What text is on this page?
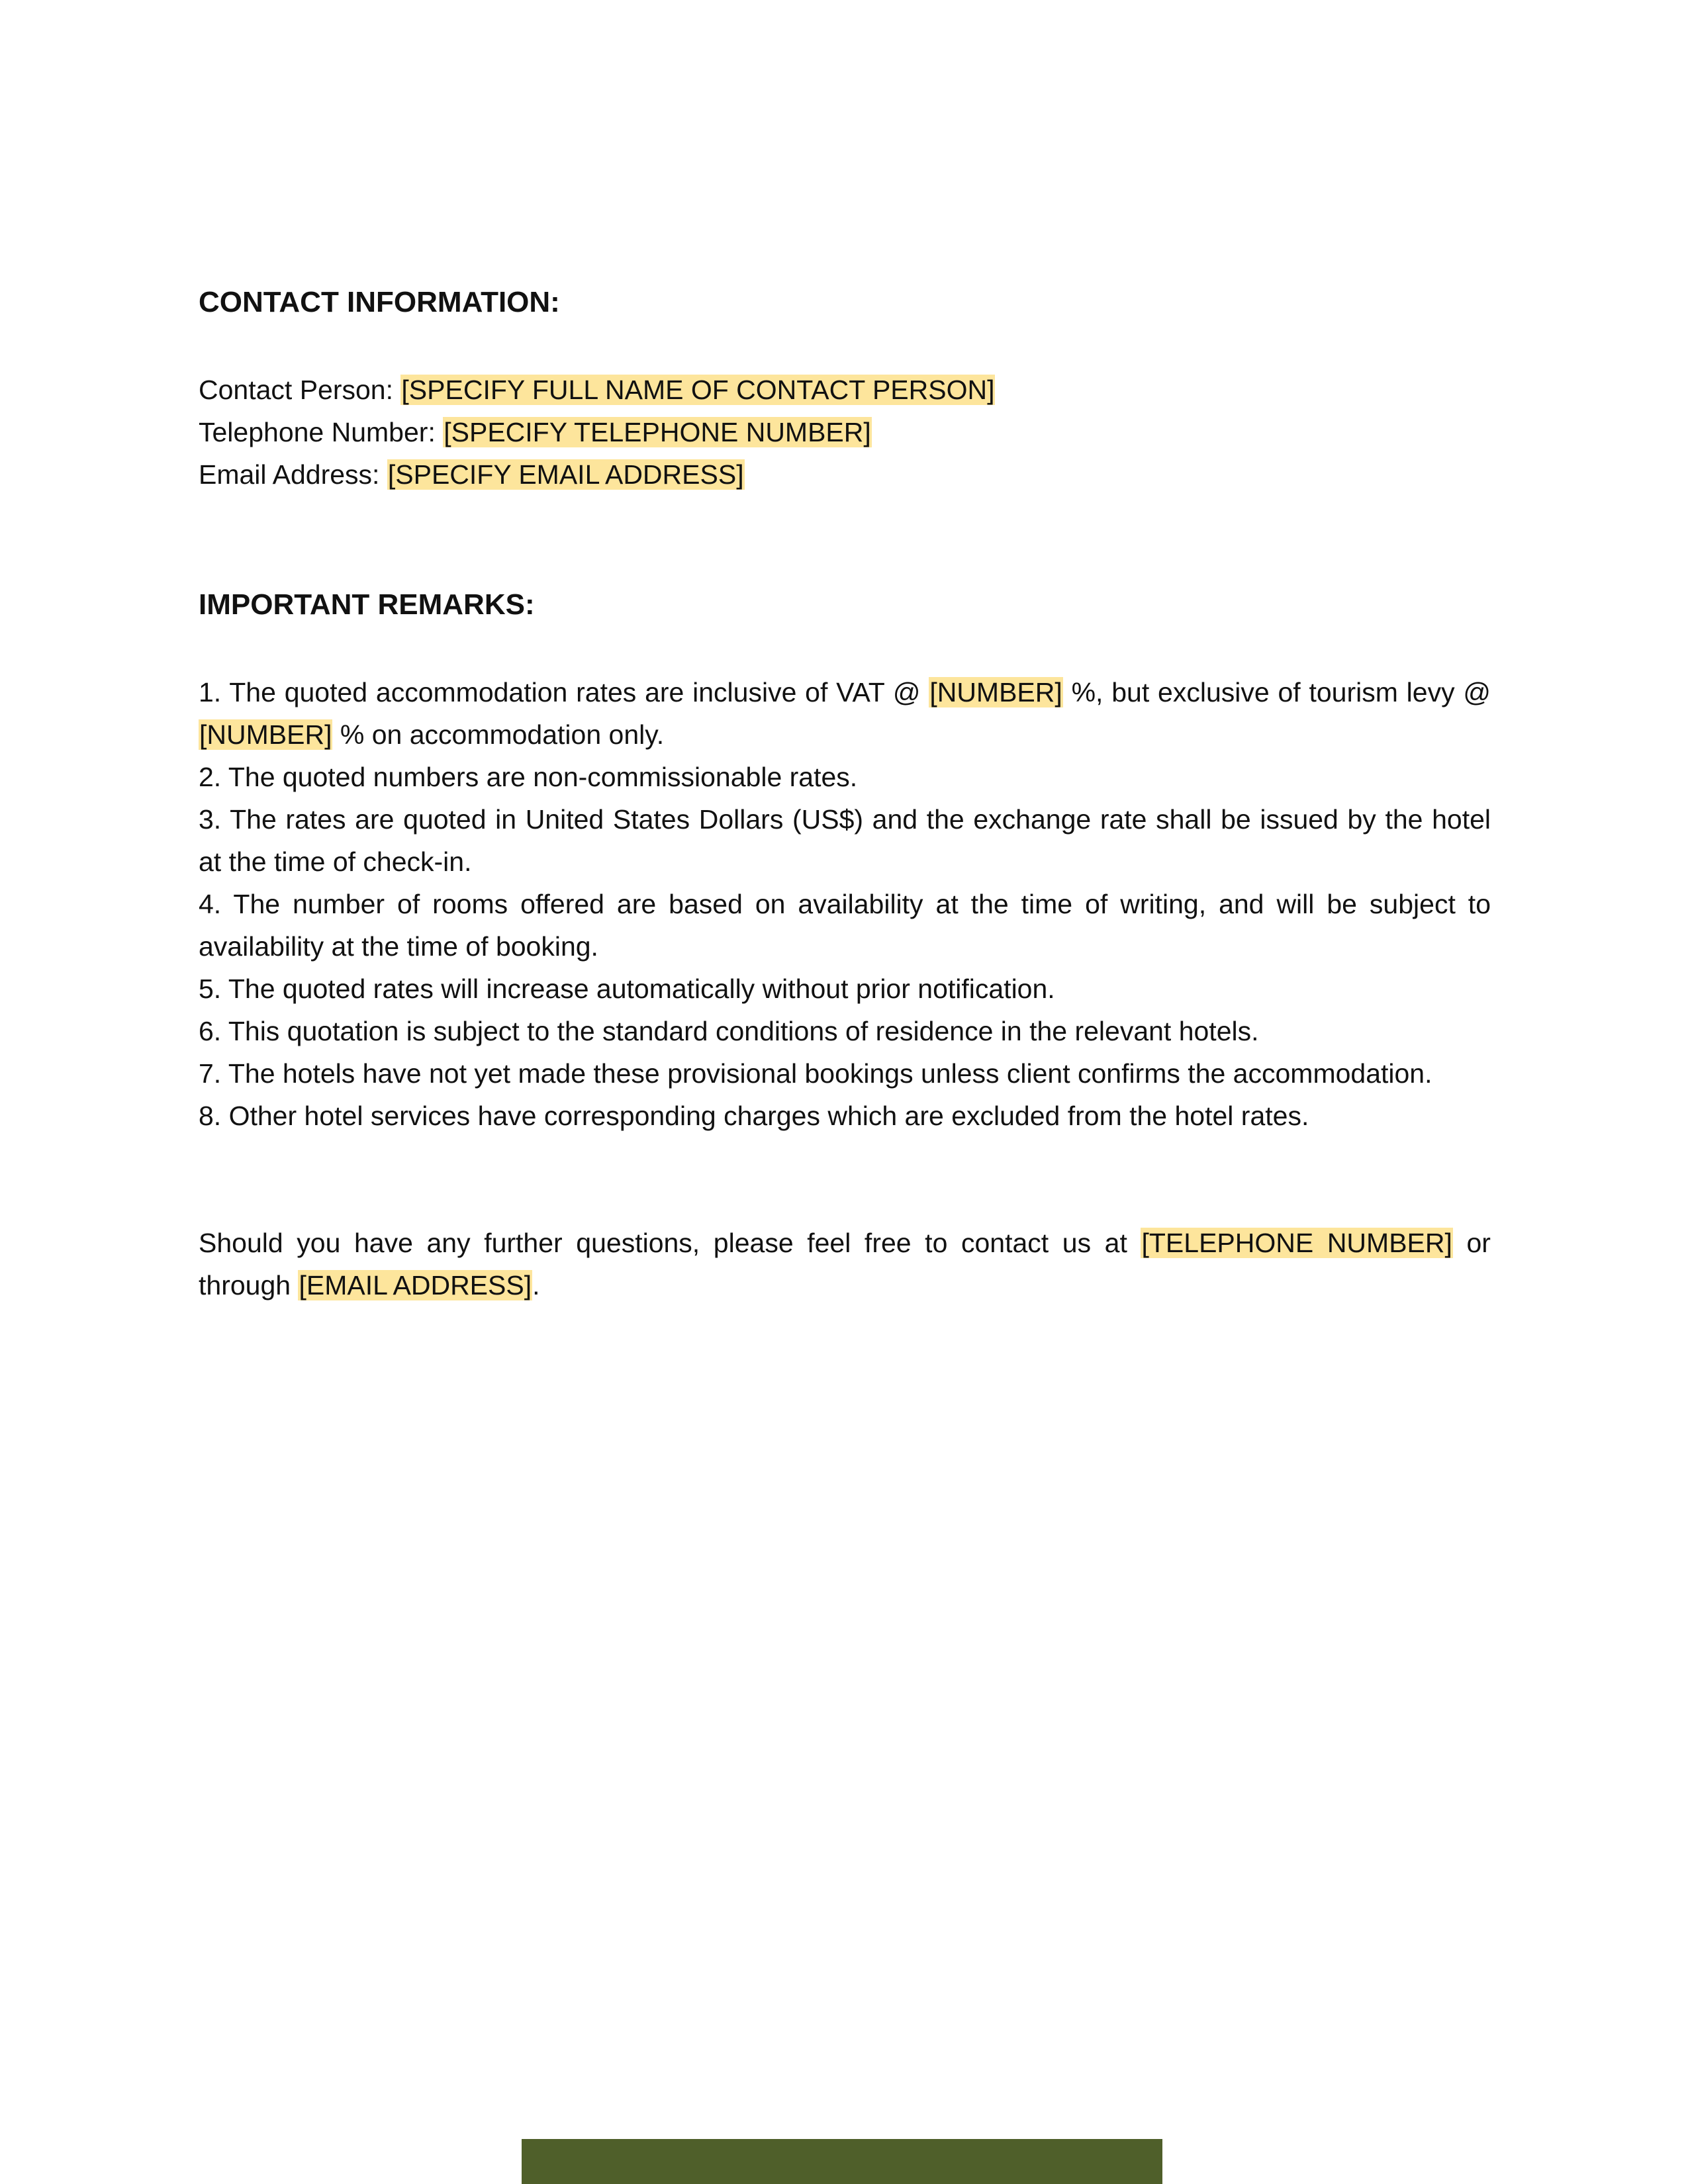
CONTACT INFORMATION:

Contact Person: [SPECIFY FULL NAME OF CONTACT PERSON]

Telephone Number: [SPECIFY TELEPHONE NUMBER]

Email Address: [SPECIFY EMAIL ADDRESS]

IMPORTANT REMARKS:

1. The quoted accommodation rates are inclusive of VAT @ [NUMBER] %, but exclusive of tourism levy @ [NUMBER] % on accommodation only.

2. The quoted numbers are non-commissionable rates.

3. The rates are quoted in United States Dollars (US$) and the exchange rate shall be issued by the hotel at the time of check-in.

4. The number of rooms offered are based on availability at the time of writing, and will be subject to availability at the time of booking.

5. The quoted rates will increase automatically without prior notification.

6. This quotation is subject to the standard conditions of residence in the relevant hotels.

7. The hotels have not yet made these provisional bookings unless client confirms the accommodation.

8. Other hotel services have corresponding charges which are excluded from the hotel rates.

Should you have any further questions, please feel free to contact us at [TELEPHONE NUMBER] or through [EMAIL ADDRESS].
